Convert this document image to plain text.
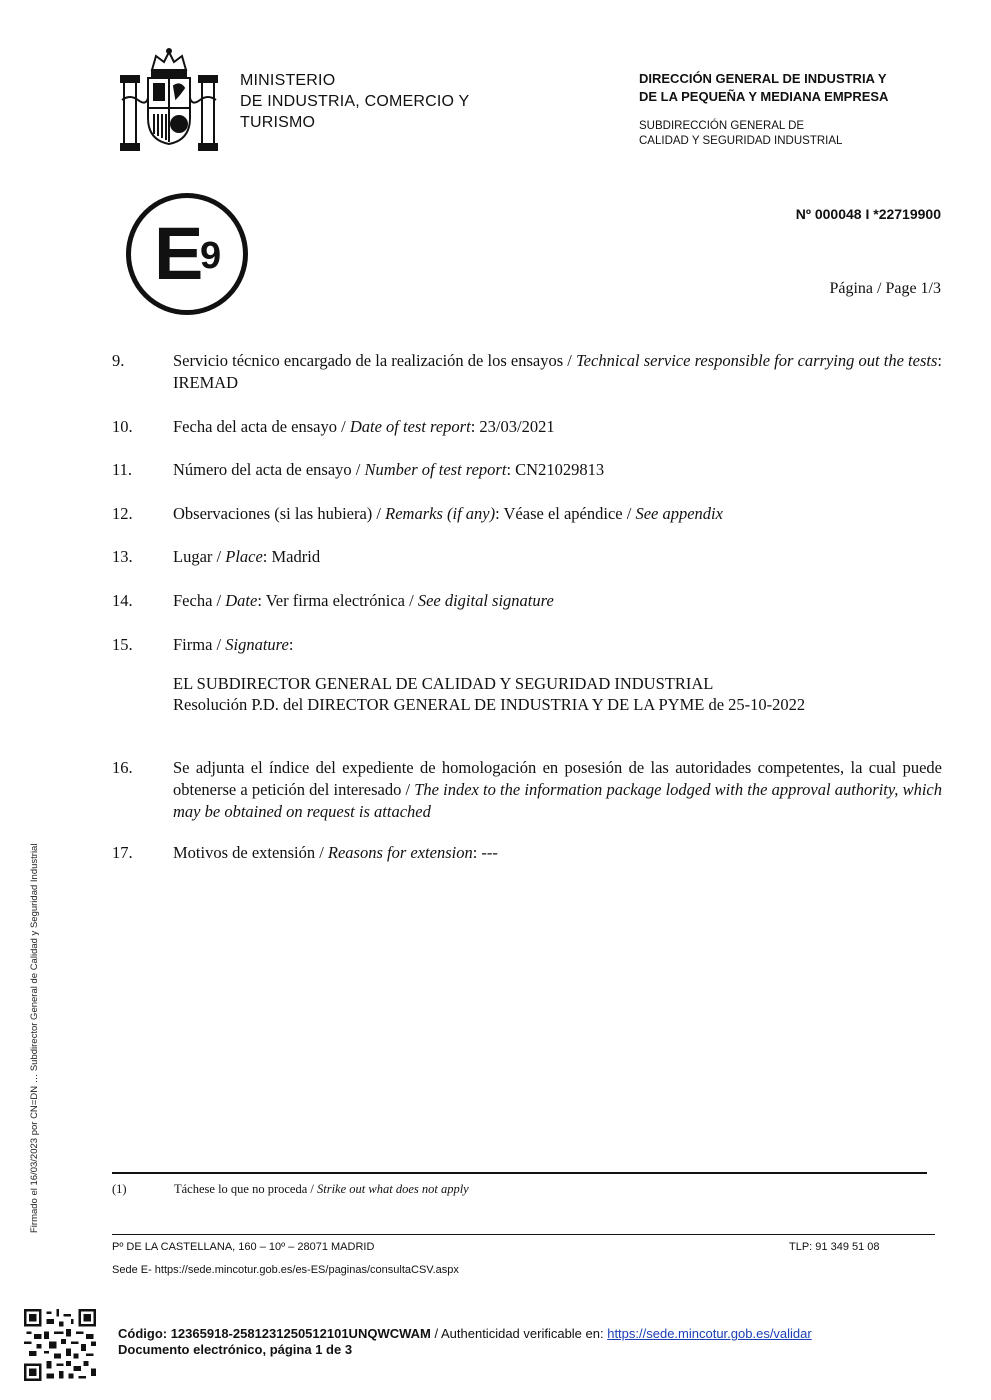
MINISTERIO
DE INDUSTRIA, COMERCIO Y
TURISMO
DIRECCIÓN GENERAL DE INDUSTRIA Y
DE LA PEQUEÑA Y MEDIANA EMPRESA
SUBDIRECCIÓN GENERAL DE
CALIDAD Y SEGURIDAD INDUSTRIAL
E
9
Nº 000048 I *22719900
Página / Page 1/3
9.	Servicio técnico encargado de la realización de los ensayos / Technical service responsible for carrying out the tests: IREMAD
10. Fecha del acta de ensayo / Date of test report: 23/03/2021
11. Número del acta de ensayo / Number of test report: CN21029813
12. Observaciones (si las hubiera) / Remarks (if any): Véase el apéndice / See appendix
13. Lugar / Place: Madrid
14. Fecha / Date: Ver firma electrónica / See digital signature
15. Firma / Signature:
EL SUBDIRECTOR GENERAL DE CALIDAD Y SEGURIDAD INDUSTRIAL
Resolución P.D. del DIRECTOR GENERAL DE INDUSTRIA Y DE LA PYME de 25-10-2022
16. Se adjunta el índice del expediente de homologación en posesión de las autoridades competentes, la cual puede obtenerse a petición del interesado / The index to the information package lodged with the approval authority, which may be obtained on request is attached
17. Motivos de extensión / Reasons for extension: ---
(1)	Táchese lo que no proceda / Strike out what does not apply
Pº DE LA CASTELLANA, 160 – 10º – 28071 MADRID	TLP: 91 349 51 08
Sede E- https://sede.mincotur.gob.es/es-ES/paginas/consultaCSV.aspx
Código: 12365918-2581231250512101UNQWCWAM / Authenticidad verificable en: https://sede.mincotur.gob.es/validar
Documento electrónico, página 1 de 3
Firmado el 16/03/2023 por CN=DN … Subdirector General de Calidad y Seguridad Industrial
